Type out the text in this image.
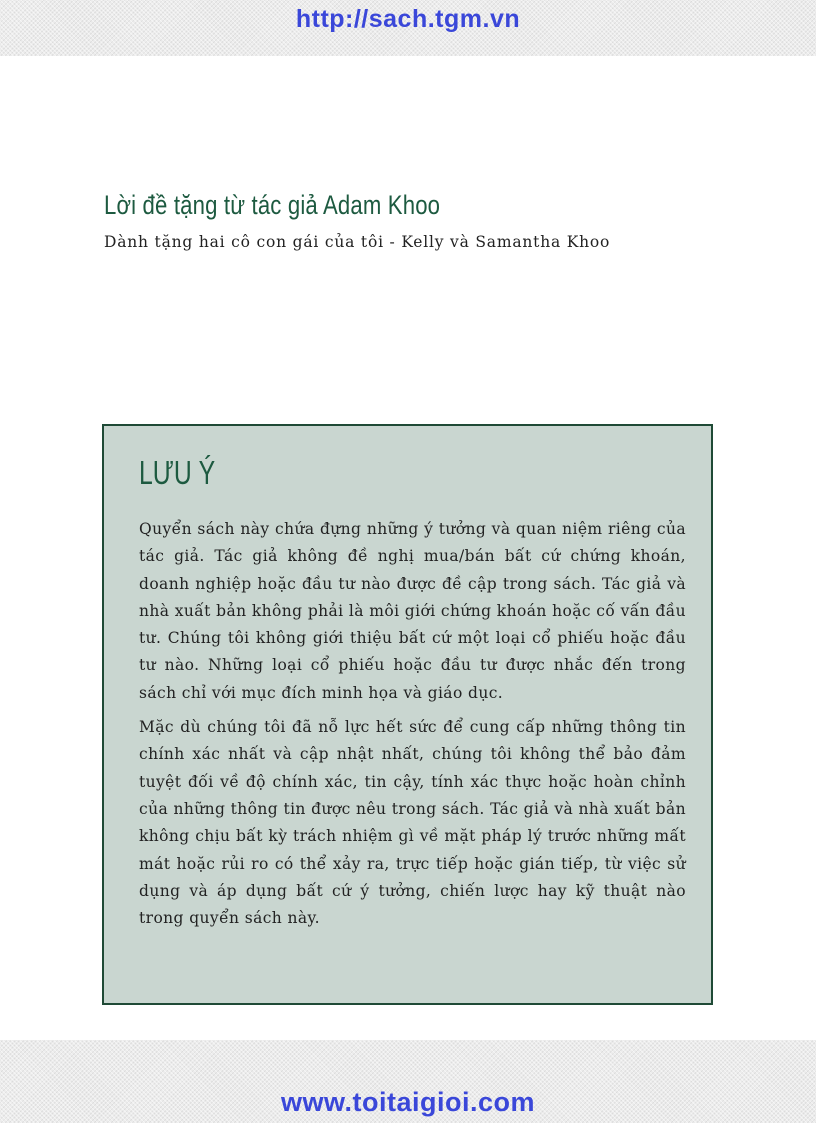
http://sach.tgm.vn
Lời đề tặng từ tác giả Adam Khoo

Dành tặng hai cô con gái của tôi - Kelly và Samantha Khoo

LƯU Ý

Quyển sách này chứa đựng những ý tưởng và quan niệm riêng của tác giả. Tác giả không đề nghị mua/bán bất cứ chứng khoán, doanh nghiệp hoặc đầu tư nào được đề cập trong sách. Tác giả và nhà xuất bản không phải là môi giới chứng khoán hoặc cố vấn đầu tư. Chúng tôi không giới thiệu bất cứ một loại cổ phiếu hoặc đầu tư nào. Những loại cổ phiếu hoặc đầu tư được nhắc đến trong sách chỉ với mục đích minh họa và giáo dục.

Mặc dù chúng tôi đã nỗ lực hết sức để cung cấp những thông tin chính xác nhất và cập nhật nhất, chúng tôi không thể bảo đảm tuyệt đối về độ chính xác, tin cậy, tính xác thực hoặc hoàn chỉnh của những thông tin được nêu trong sách. Tác giả và nhà xuất bản không chịu bất kỳ trách nhiệm gì về mặt pháp lý trước những mất mát hoặc rủi ro có thể xảy ra, trực tiếp hoặc gián tiếp, từ việc sử dụng và áp dụng bất cứ ý tưởng, chiến lược hay kỹ thuật nào trong quyển sách này.

www.toitaigioi.com
